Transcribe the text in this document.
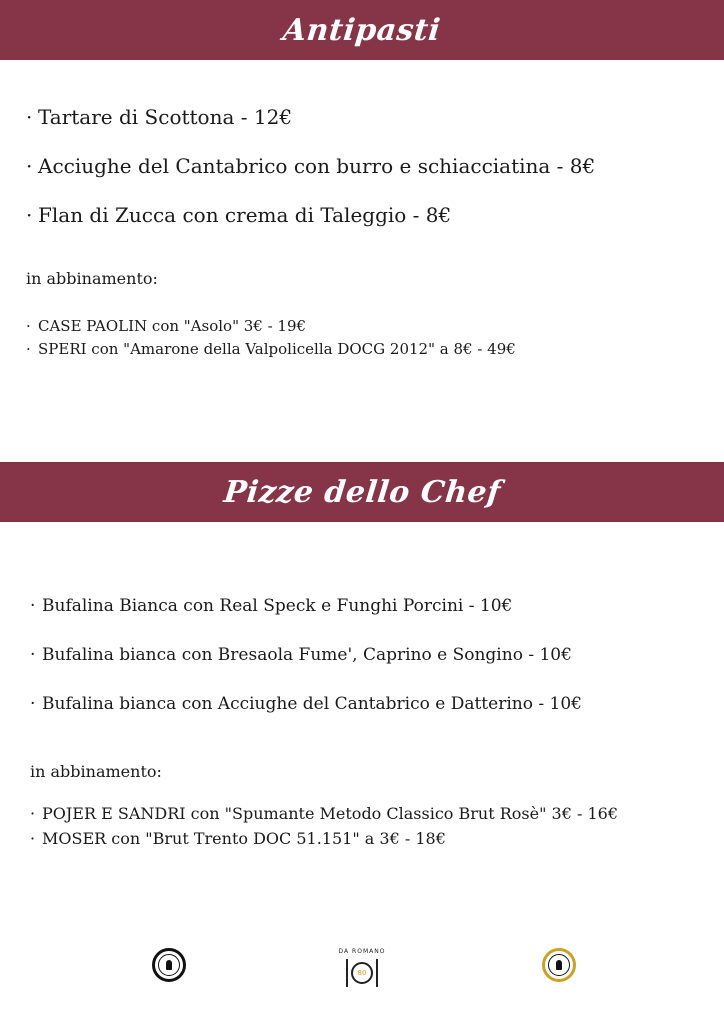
Antipasti
· Tartare di Scottona - 12€
· Acciughe del Cantabrico con burro e schiacciatina - 8€
· Flan di Zucca con crema di Taleggio - 8€
in abbinamento:
· CASE PAOLIN con "Asolo" 3€ - 19€
· SPERI con "Amarone della Valpolicella DOCG 2012" a 8€ - 49€
Pizze dello Chef
· Bufalina Bianca con Real Speck e Funghi Porcini - 10€
· Bufalina bianca con Bresaola Fume', Caprino e Songino - 10€
· Bufalina bianca con Acciughe del Cantabrico e Datterino - 10€
in abbinamento:
· POJER E SANDRI con "Spumante Metodo Classico Brut Rosè" 3€ - 16€
· MOSER con "Brut Trento DOC 51.151" a 3€ - 18€

DA ROMANO
80
